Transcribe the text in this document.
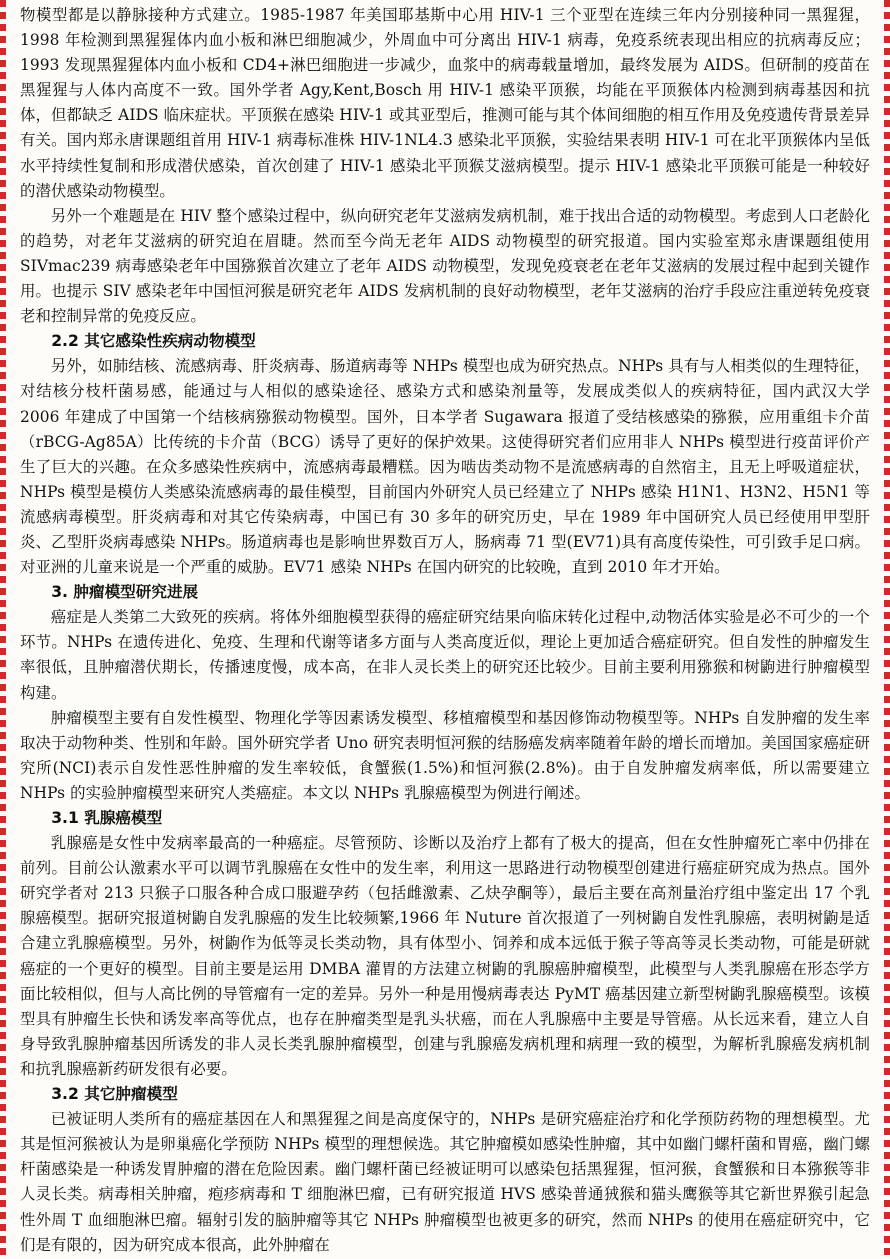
物模型都是以静脉接种方式建立。1985-1987 年美国耶基斯中心用 HIV-1 三个亚型在连续三年内分别接种同一黑猩猩，1998 年检测到黑猩猩体内血小板和淋巴细胞减少，外周血中可分离出 HIV-1 病毒，免疫系统表现出相应的抗病毒反应；1993 发现黑猩猩体内血小板和 CD4+淋巴细胞进一步减少，血浆中的病毒载量增加，最终发展为 AIDS。但研制的疫苗在黑猩猩与人体内高度不一致。国外学者 Agy,Kent,Bosch 用 HIV-1 感染平顶猴，均能在平顶猴体内检测到病毒基因和抗体，但都缺乏 AIDS 临床症状。平顶猴在感染 HIV-1 或其亚型后，推测可能与其个体间细胞的相互作用及免疫遗传背景差异有关。国内郑永唐课题组首用 HIV-1 病毒标准株 HIV-1NL4.3 感染北平顶猴，实验结果表明 HIV-1 可在北平顶猴体内呈低水平持续性复制和形成潜伏感染，首次创建了 HIV-1 感染北平顶猴艾滋病模型。提示 HIV-1 感染北平顶猴可能是一种较好的潜伏感染动物模型。

另外一个难题是在 HIV 整个感染过程中，纵向研究老年艾滋病发病机制，难于找出合适的动物模型。考虑到人口老龄化的趋势，对老年艾滋病的研究迫在眉睫。然而至今尚无老年 AIDS 动物模型的研究报道。国内实验室郑永唐课题组使用 SIVmac239 病毒感染老年中国猕猴首次建立了老年 AIDS 动物模型，发现免疫衰老在老年艾滋病的发展过程中起到关键作用。也提示 SIV 感染老年中国恒河猴是研究老年 AIDS 发病机制的良好动物模型，老年艾滋病的治疗手段应注重逆转免疫衰老和控制异常的免疫反应。

2.2 其它感染性疾病动物模型

另外，如肺结核、流感病毒、肝炎病毒、肠道病毒等 NHPs 模型也成为研究热点。NHPs 具有与人相类似的生理特征，对结核分枝杆菌易感，能通过与人相似的感染途径、感染方式和感染剂量等，发展成类似人的疾病特征，国内武汉大学 2006 年建成了中国第一个结核病猕猴动物模型。国外，日本学者 Sugawara 报道了受结核感染的猕猴，应用重组卡介苗（rBCG-Ag85A）比传统的卡介苗（BCG）诱导了更好的保护效果。这使得研究者们应用非人 NHPs 模型进行疫苗评价产生了巨大的兴趣。在众多感染性疾病中，流感病毒最糟糕。因为啮齿类动物不是流感病毒的自然宿主，且无上呼吸道症状，NHPs 模型是模仿人类感染流感病毒的最佳模型，目前国内外研究人员已经建立了 NHPs 感染 H1N1、H3N2、H5N1 等流感病毒模型。肝炎病毒和对其它传染病毒，中国已有 30 多年的研究历史，早在 1989 年中国研究人员已经使用甲型肝炎、乙型肝炎病毒感染 NHPs。肠道病毒也是影响世界数百万人，肠病毒 71 型(EV71)具有高度传染性，可引致手足口病。对亚洲的儿童来说是一个严重的威胁。EV71 感染 NHPs 在国内研究的比较晚，直到 2010 年才开始。

3. 肿瘤模型研究进展

癌症是人类第二大致死的疾病。将体外细胞模型获得的癌症研究结果向临床转化过程中,动物活体实验是必不可少的一个环节。NHPs 在遗传进化、免疫、生理和代谢等诸多方面与人类高度近似，理论上更加适合癌症研究。但自发性的肿瘤发生率很低，且肿瘤潜伏期长，传播速度慢，成本高，在非人灵长类上的研究还比较少。目前主要利用猕猴和树鼩进行肿瘤模型构建。

肿瘤模型主要有自发性模型、物理化学等因素诱发模型、移植瘤模型和基因修饰动物模型等。NHPs 自发肿瘤的发生率取决于动物种类、性别和年龄。国外研究学者 Uno 研究表明恒河猴的结肠癌发病率随着年龄的增长而增加。美国国家癌症研究所(NCI)表示自发性恶性肿瘤的发生率较低，食蟹猴(1.5%)和恒河猴(2.8%)。由于自发肿瘤发病率低，所以需要建立 NHPs 的实验肿瘤模型来研究人类癌症。本文以 NHPs 乳腺癌模型为例进行阐述。

3.1 乳腺癌模型

乳腺癌是女性中发病率最高的一种癌症。尽管预防、诊断以及治疗上都有了极大的提高，但在女性肿瘤死亡率中仍排在前列。目前公认激素水平可以调节乳腺癌在女性中的发生率，利用这一思路进行动物模型创建进行癌症研究成为热点。国外研究学者对 213 只猴子口服各种合成口服避孕药（包括雌激素、乙炔孕酮等），最后主要在高剂量治疗组中鉴定出 17 个乳腺癌模型。据研究报道树鼩自发乳腺癌的发生比较频繁,1966 年 Nuture 首次报道了一列树鼩自发性乳腺癌，表明树鼩是适合建立乳腺癌模型。另外，树鼩作为低等灵长类动物，具有体型小、饲养和成本远低于猴子等高等灵长类动物，可能是研就癌症的一个更好的模型。目前主要是运用 DMBA 灌胃的方法建立树鼩的乳腺癌肿瘤模型，此模型与人类乳腺癌在形态学方面比较相似，但与人高比例的导管瘤有一定的差异。另外一种是用慢病毒表达 PyMT 癌基因建立新型树鼩乳腺癌模型。该模型具有肿瘤生长快和诱发率高等优点，也存在肿瘤类型是乳头状癌，而在人乳腺癌中主要是导管癌。从长远来看，建立人自身导致乳腺肿瘤基因所诱发的非人灵长类乳腺肿瘤模型，创建与乳腺癌发病机理和病理一致的模型，为解析乳腺癌发病机制和抗乳腺癌新药研发很有必要。

3.2 其它肿瘤模型

已被证明人类所有的癌症基因在人和黑猩猩之间是高度保守的，NHPs 是研究癌症治疗和化学预防药物的理想模型。尤其是恒河猴被认为是卵巢癌化学预防 NHPs 模型的理想候选。其它肿瘤模如感染性肿瘤，其中如幽门螺杆菌和胃癌，幽门螺杆菌感染是一种诱发胃肿瘤的潜在危险因素。幽门螺杆菌已经被证明可以感染包括黑猩猩，恒河猴，食蟹猴和日本猕猴等非人灵长类。病毒相关肿瘤，疱疹病毒和 T 细胞淋巴瘤，已有研究报道 HVS 感染普通狨猴和猫头鹰猴等其它新世界猴引起急性外周 T 血细胞淋巴瘤。辐射引发的脑肿瘤等其它 NHPs 肿瘤模型也被更多的研究，然而 NHPs 的使用在癌症研究中，它们是有限的，因为研究成本很高，此外肿瘤在
